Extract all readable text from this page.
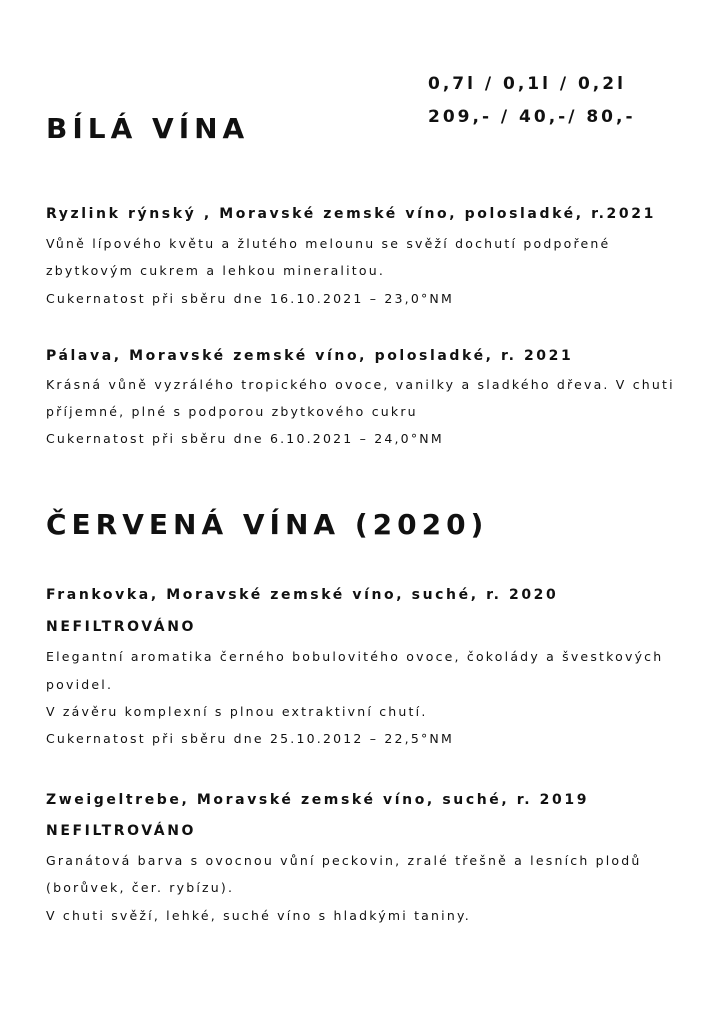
0,7l / 0,1l / 0,2l
209,- / 40,-/ 80,-
BÍLÁ VÍNA
Ryzlink rýnský , Moravské zemské víno, polosladké, r.2021
Vůně lípového květu a žlutého melounu se svěží dochutí podpořené
zbytkovým cukrem a lehkou mineralitou.
Cukernatost při sběru dne 16.10.2021 – 23,0°NM
Pálava, Moravské zemské víno, polosladké, r. 2021
Krásná vůně vyzrálého tropického ovoce, vanilky a sladkého dřeva. V chuti
příjemné, plné s podporou zbytkového cukru
Cukernatost při sběru dne 6.10.2021 – 24,0°NM
ČERVENÁ VÍNA (2020)
Frankovka, Moravské zemské víno, suché, r. 2020
NEFILTROVÁNO
Elegantní aromatika černého bobulovitého ovoce, čokolády a švestkových
povidel.
V závěru komplexní s plnou extraktivní chutí.
Cukernatost při sběru dne 25.10.2012 – 22,5°NM
Zweigeltrebe, Moravské zemské víno, suché, r. 2019
NEFILTROVÁNO
Granátová barva s ovocnou vůní peckovin, zralé třešně a lesních plodů
(borůvek, čer. rybízu).
V chuti svěží, lehké, suché víno s hladkými taniny.
